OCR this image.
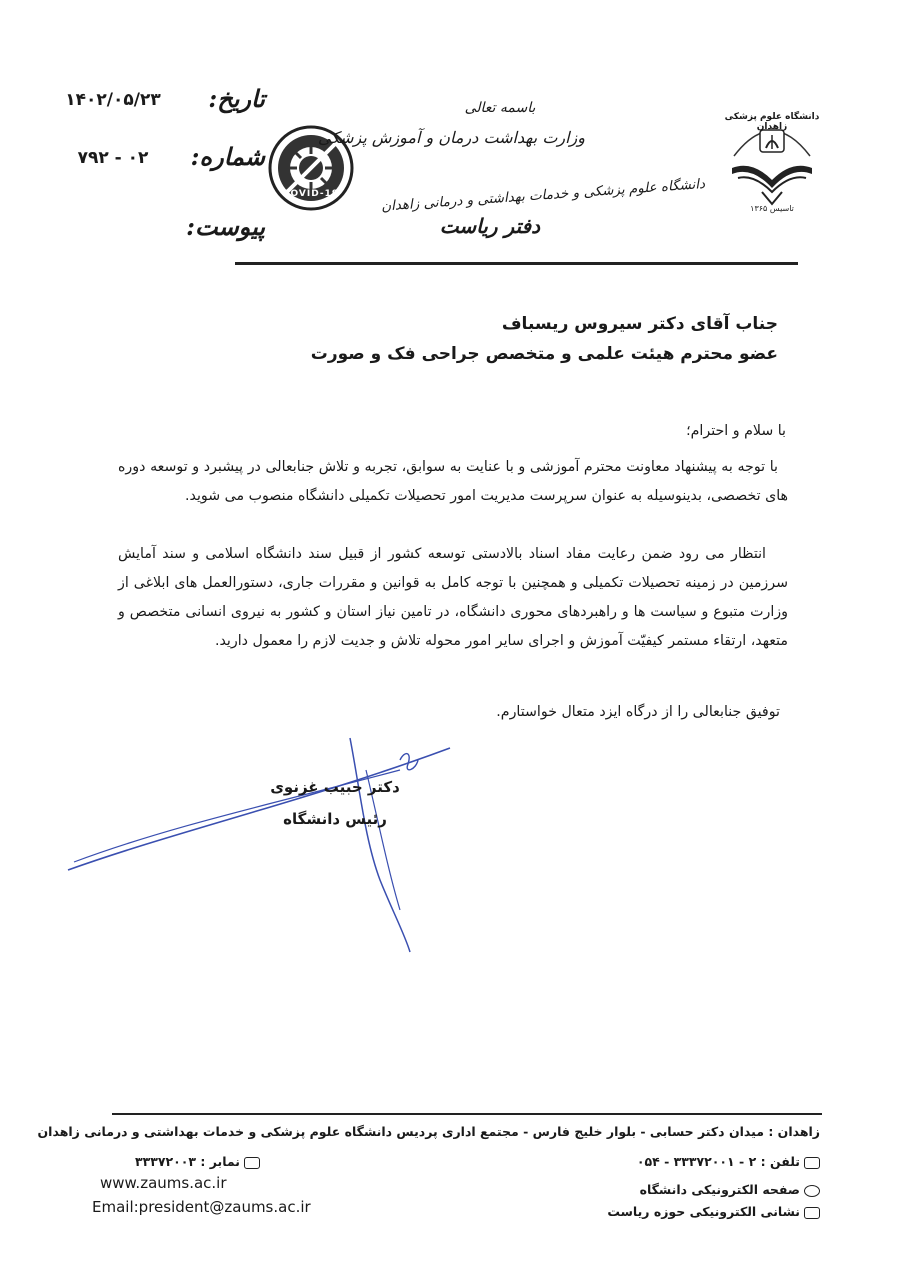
۱۴۰۲/۰۵/۲۳	تاریخ:
۰۲ - ۷۹۲	شماره:
پیوست:
COVID-19
باسمه تعالی
وزارت بهداشت درمان و آموزش پزشکی
دانشگاه علوم پزشکی و خدمات بهداشتی و درمانی زاهدان
دفتر ریاست
دانشگاه علوم پزشکی زاهدان
تاسیس ۱۳۶۵
جناب آقای دکتر سیروس ریسباف
عضو محترم هیئت علمی و متخصص جراحی فک و صورت
با سلام و احترام؛
با توجه به پیشنهاد معاونت محترم آموزشی و با عنایت به سوابق، تجربه و تلاش جنابعالی در پیشبرد و توسعه دوره های تخصصی، بدینوسیله به عنوان سرپرست مدیریت امور تحصیلات تکمیلی دانشگاه منصوب می شوید.
انتظار می رود ضمن رعایت مفاد اسناد بالادستی توسعه کشور از قبیل سند دانشگاه اسلامی و سند آمایش سرزمین در زمینه تحصیلات تکمیلی و همچنین با توجه کامل به قوانین و مقررات جاری، دستورالعمل های ابلاغی از وزارت متبوع و سیاست ها و راهبردهای محوری دانشگاه، در تامین نیاز استان و کشور به نیروی انسانی متخصص و متعهد، ارتقاء مستمر کیفیّت آموزش و اجرای سایر امور محوله تلاش و جدیت لازم را معمول دارید.
توفیق جنابعالی را از درگاه ایزد متعال خواستارم.
دکتر حبیب غزنوی
رئیس دانشگاه
زاهدان : میدان دکتر حسابی - بلوار خلیج فارس - مجتمع اداری پردیس دانشگاه علوم پزشکی و خدمات بهداشتی و درمانی زاهدان
تلفن : ۲ - ۳۳۳۷۲۰۰۱ - ۰۵۴
نمابر : ۳۳۳۷۲۰۰۳
صفحه الکترونیکی دانشگاه
نشانی الکترونیکی حوزه ریاست
www.zaums.ac.ir
Email:president@zaums.ac.ir
